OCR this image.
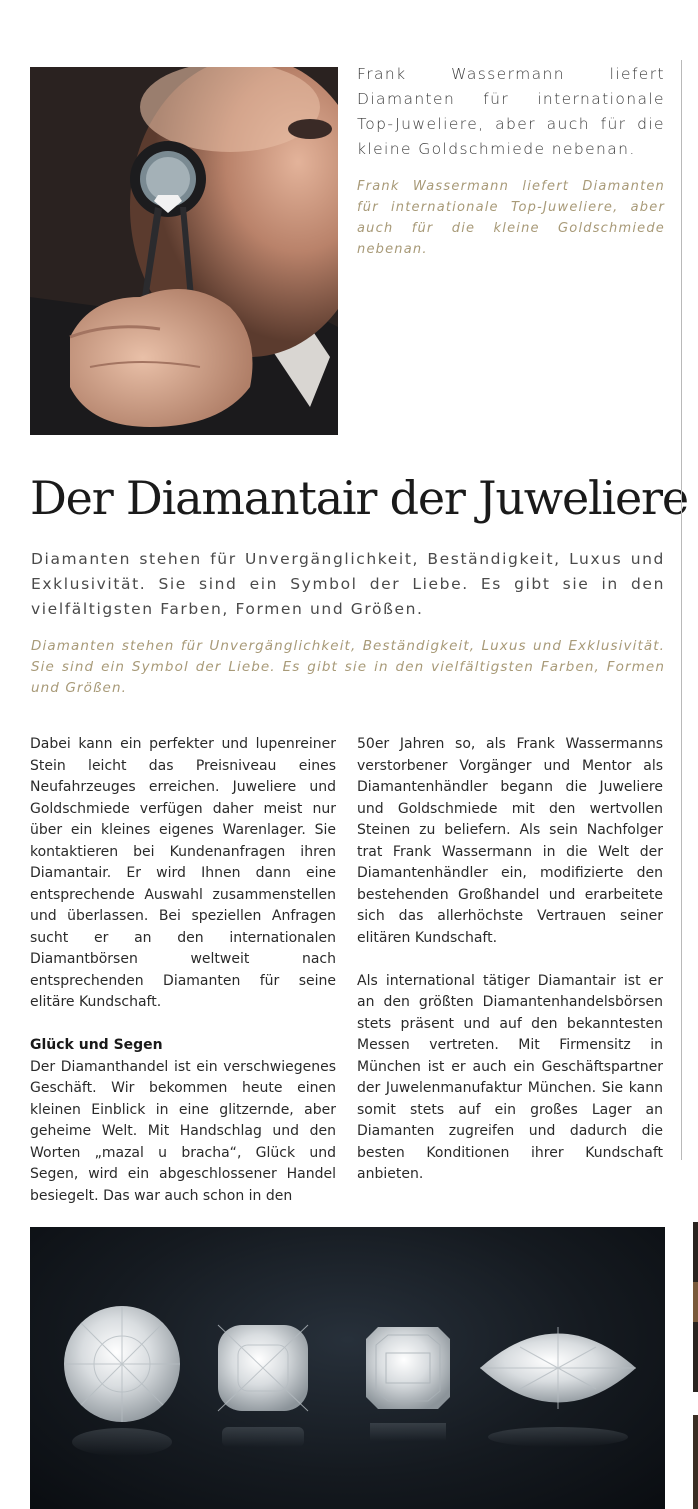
Frank Wassermann liefert Diamanten für internationale Top-Juweliere, aber auch für die kleine Goldschmiede nebenan.

Frank Wassermann liefert Diamanten für internationale Top-Juweliere, aber auch für die kleine Goldschmiede nebenan.

Der Diamantair der Juweliere

Diamanten stehen für Unvergänglichkeit, Beständigkeit, Luxus und Exklusivität. Sie sind ein Symbol der Liebe. Es gibt sie in den vielfältigsten Farben, Formen und Größen.

Diamanten stehen für Unvergänglichkeit, Beständigkeit, Luxus und Exklusivität. Sie sind ein Symbol der Liebe. Es gibt sie in den vielfältigsten Farben, Formen und Größen.

Dabei kann ein perfekter und lupenreiner Stein leicht das Preisniveau eines Neufahrzeuges erreichen. Juweliere und Goldschmiede verfügen daher meist nur über ein kleines eigenes Warenlager. Sie kontaktieren bei Kundenanfragen ihren Diamantair. Er wird Ihnen dann eine entsprechende Auswahl zusammenstellen und überlassen. Bei speziellen Anfragen sucht er an den internationalen Diamantbörsen weltweit nach entsprechenden Diamanten für seine elitäre Kundschaft.

Glück und Segen

Der Diamanthandel ist ein verschwiegenes Geschäft. Wir bekommen heute einen kleinen Einblick in eine glitzernde, aber geheime Welt. Mit Handschlag und den Worten „mazal u bracha“, Glück und Segen, wird ein abgeschlossener Handel besiegelt. Das war auch schon in den

50er Jahren so, als Frank Wassermanns verstorbener Vorgänger und Mentor als Diamantenhändler begann die Juweliere und Goldschmiede mit den wertvollen Steinen zu beliefern. Als sein Nachfolger trat Frank Wassermann in die Welt der Diamantenhändler ein, modifizierte den bestehenden Großhandel und erarbeitete sich das allerhöchste Vertrauen seiner elitären Kundschaft.

Als international tätiger Diamantair ist er an den größten Diamantenhandelsbörsen stets präsent und auf den bekanntesten Messen vertreten. Mit Firmensitz in München ist er auch ein Geschäftspartner der Juwelenmanufaktur München. Sie kann somit stets auf ein großes Lager an Diamanten zugreifen und dadurch die besten Konditionen ihrer Kundschaft anbieten.
